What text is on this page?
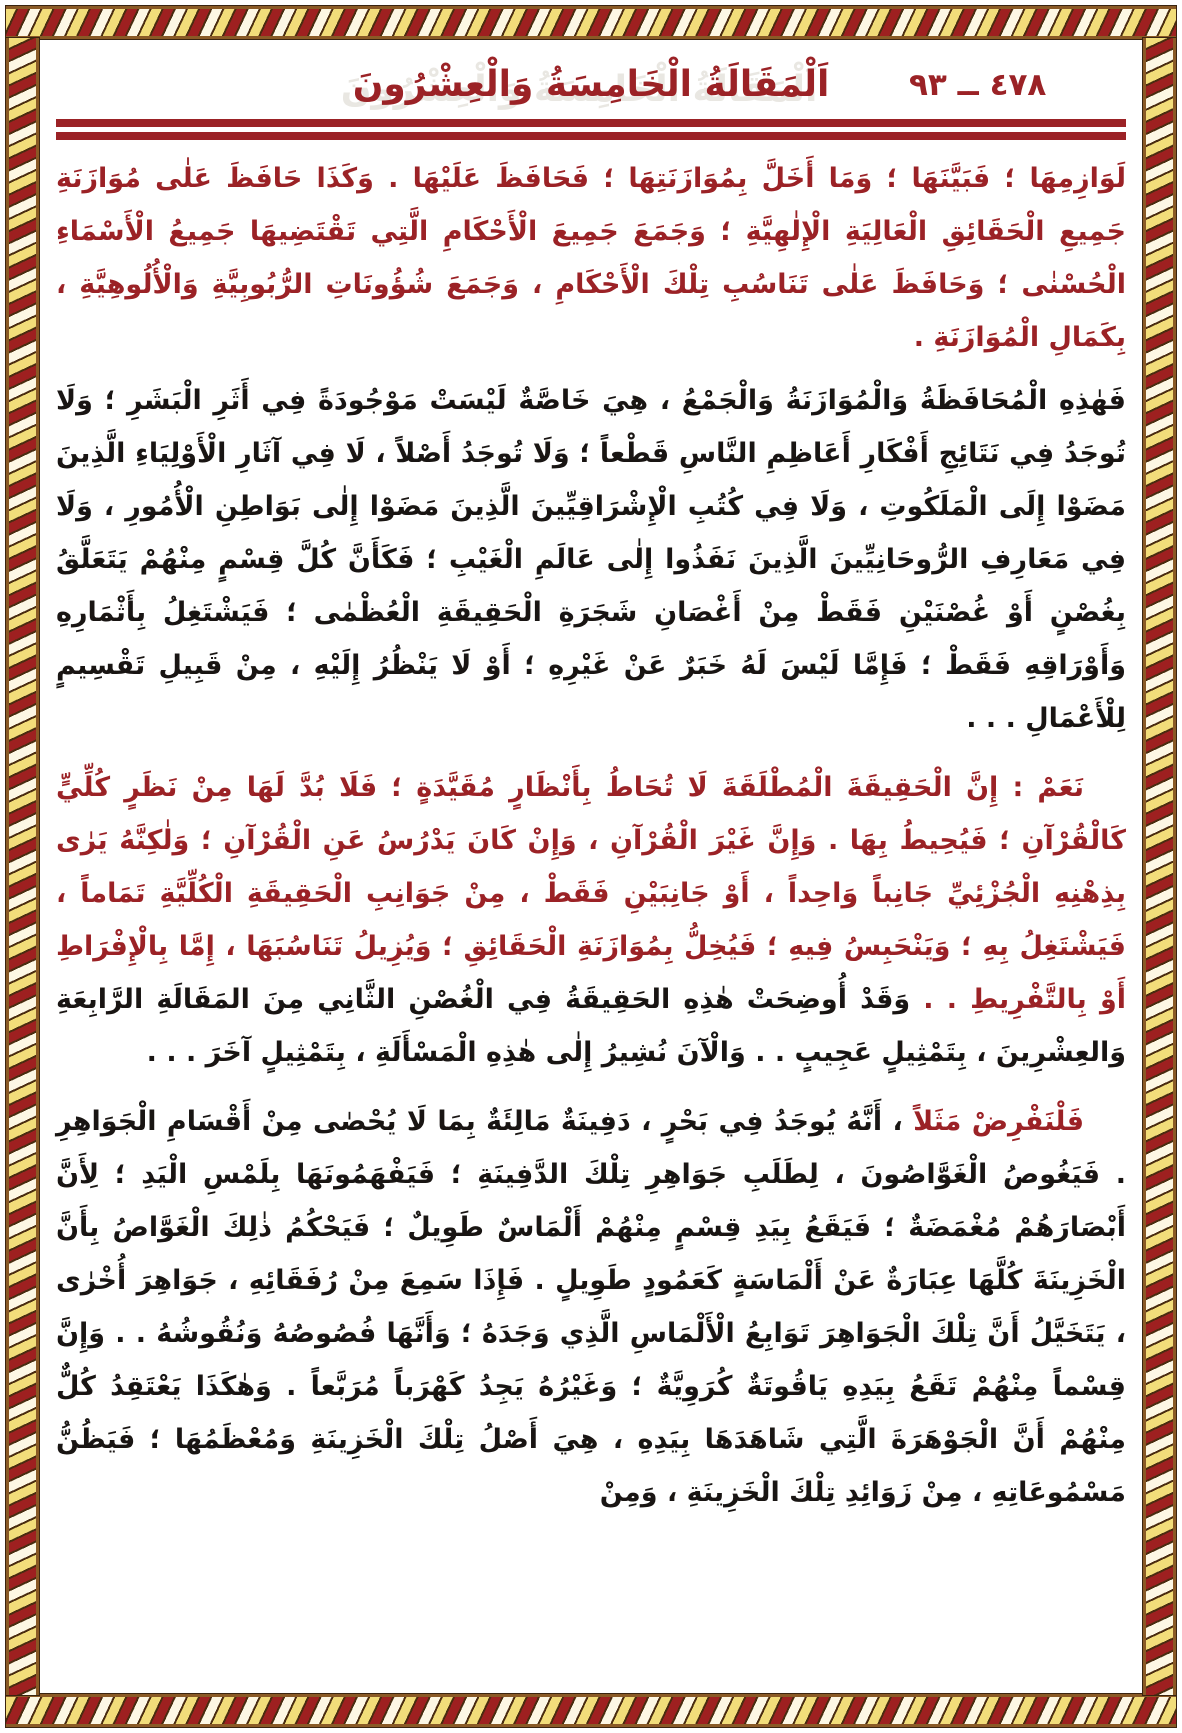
٤٧٨ ــ ٩٣
اَلْمَقَالَةُ الْخَامِسَةُ وَالْعِشْرُونَ

لَوَازِمِهَا ؛ فَبَيَّنَهَا ؛ وَمَا أَخَلَّ بِمُوَازَنَتِهَا ؛ فَحَافَظَ عَلَيْهَا . وَكَذَا حَافَظَ عَلٰى مُوَازَنَةِ جَمِيعِ الْحَقَائِقِ الْعَالِيَةِ الْإِلٰهِيَّةِ ؛ وَجَمَعَ جَمِيعَ الْأَحْكَامِ الَّتِي تَقْتَضِيهَا جَمِيعُ الْأَسْمَاءِ الْحُسْنٰى ؛ وَحَافَظَ عَلٰى تَنَاسُبِ تِلْكَ الْأَحْكَامِ ، وَجَمَعَ شُؤُونَاتِ الرُّبُوبِيَّةِ وَالْأُلُوهِيَّةِ ، بِكَمَالِ الْمُوَازَنَةِ .

فَهٰذِهِ الْمُحَافَظَةُ وَالْمُوَازَنَةُ وَالْجَمْعُ ، هِيَ خَاصَّةٌ لَيْسَتْ مَوْجُودَةً فِي أَثَرِ الْبَشَرِ ؛ وَلَا تُوجَدُ فِي نَتَائِجِ أَفْكَارِ أَعَاظِمِ النَّاسِ قَطْعاً ؛ وَلَا تُوجَدُ أَصْلاً ، لَا فِي آثَارِ الْأَوْلِيَاءِ الَّذِينَ مَضَوْا إِلَى الْمَلَكُوتِ ، وَلَا فِي كُتُبِ الْإِشْرَاقِيِّينَ الَّذِينَ مَضَوْا إِلٰى بَوَاطِنِ الْأُمُورِ ، وَلَا فِي مَعَارِفِ الرُّوحَانِيِّينَ الَّذِينَ نَفَذُوا إِلٰى عَالَمِ الْغَيْبِ ؛ فَكَأَنَّ كُلَّ قِسْمٍ مِنْهُمْ يَتَعَلَّقُ بِغُصْنٍ أَوْ غُصْنَيْنِ فَقَطْ مِنْ أَغْصَانِ شَجَرَةِ الْحَقِيقَةِ الْعُظْمٰى ؛ فَيَشْتَغِلُ بِأَثْمَارِهِ وَأَوْرَاقِهِ فَقَطْ ؛ فَإِمَّا لَيْسَ لَهُ خَبَرٌ عَنْ غَيْرِهِ ؛ أَوْ لَا يَنْظُرُ إِلَيْهِ ، مِنْ قَبِيلِ تَقْسِيمٍ لِلْأَعْمَالِ . . .

نَعَمْ : إِنَّ الْحَقِيقَةَ الْمُطْلَقَةَ لَا تُحَاطُ بِأَنْظَارٍ مُقَيَّدَةٍ ؛ فَلَا بُدَّ لَهَا مِنْ نَظَرٍ كُلِّيٍّ كَالْقُرْآنِ ؛ فَيُحِيطُ بِهَا . وَإِنَّ غَيْرَ الْقُرْآنِ ، وَإِنْ كَانَ يَدْرُسُ عَنِ الْقُرْآنِ ؛ وَلٰكِنَّهُ يَرٰى بِذِهْنِهِ الْجُزْئِيِّ جَانِباً وَاحِداً ، أَوْ جَانِبَيْنِ فَقَطْ ، مِنْ جَوَانِبِ الْحَقِيقَةِ الْكُلِّيَّةِ تَمَاماً ، فَيَشْتَغِلُ بِهِ ؛ وَيَنْحَبِسُ فِيهِ ؛ فَيُخِلُّ بِمُوَازَنَةِ الْحَقَائِقِ ؛ وَيُزِيلُ تَنَاسُبَهَا ، إِمَّا بِالْإِفْرَاطِ أَوْ بِالتَّفْرِيطِ . . وَقَدْ أُوضِحَتْ هٰذِهِ الحَقِيقَةُ فِي الْغُصْنِ الثَّانِي مِنَ المَقَالَةِ الرَّابِعَةِ وَالعِشْرِينَ ، بِتَمْثِيلٍ عَجِيبٍ . . وَالْآنَ نُشِيرُ إِلٰى هٰذِهِ الْمَسْأَلَةِ ، بِتَمْثِيلٍ آخَرَ . . .

فَلْنَفْرِضْ مَثَلاً ، أَنَّهُ يُوجَدُ فِي بَحْرٍ ، دَفِينَةٌ مَالِئَةٌ بِمَا لَا يُحْصٰى مِنْ أَقْسَامِ الْجَوَاهِرِ . فَيَغُوصُ الْغَوَّاصُونَ ، لِطَلَبِ جَوَاهِرِ تِلْكَ الدَّفِينَةِ ؛ فَيَفْهَمُونَهَا بِلَمْسِ الْيَدِ ؛ لِأَنَّ أَبْصَارَهُمْ مُغْمَضَةٌ ؛ فَيَقَعُ بِيَدِ قِسْمٍ مِنْهُمْ أَلْمَاسٌ طَوِيلٌ ؛ فَيَحْكُمُ ذٰلِكَ الْغَوَّاصُ بِأَنَّ الْخَزِينَةَ كُلَّهَا عِبَارَةٌ عَنْ أَلْمَاسَةٍ كَعَمُودٍ طَوِيلٍ . فَإِذَا سَمِعَ مِنْ رُفَقَائِهِ ، جَوَاهِرَ أُخْرٰى ، يَتَخَيَّلُ أَنَّ تِلْكَ الْجَوَاهِرَ تَوَابِعُ الْأَلْمَاسِ الَّذِي وَجَدَهُ ؛ وَأَنَّهَا فُصُوصُهُ وَنُقُوشُهُ . . وَإِنَّ قِسْماً مِنْهُمْ تَقَعُ بِيَدِهِ يَاقُوتَةٌ كُرَوِيَّةٌ ؛ وَغَيْرُهُ يَجِدُ كَهْرَباً مُرَبَّعاً . وَهٰكَذَا يَعْتَقِدُ كُلٌّ مِنْهُمْ أَنَّ الْجَوْهَرَةَ الَّتِي شَاهَدَهَا بِيَدِهِ ، هِيَ أَصْلُ تِلْكَ الْخَزِينَةِ وَمُعْظَمُهَا ؛ فَيَظُنُّ مَسْمُوعَاتِهِ ، مِنْ زَوَائِدِ تِلْكَ الْخَزِينَةِ ، وَمِنْ
